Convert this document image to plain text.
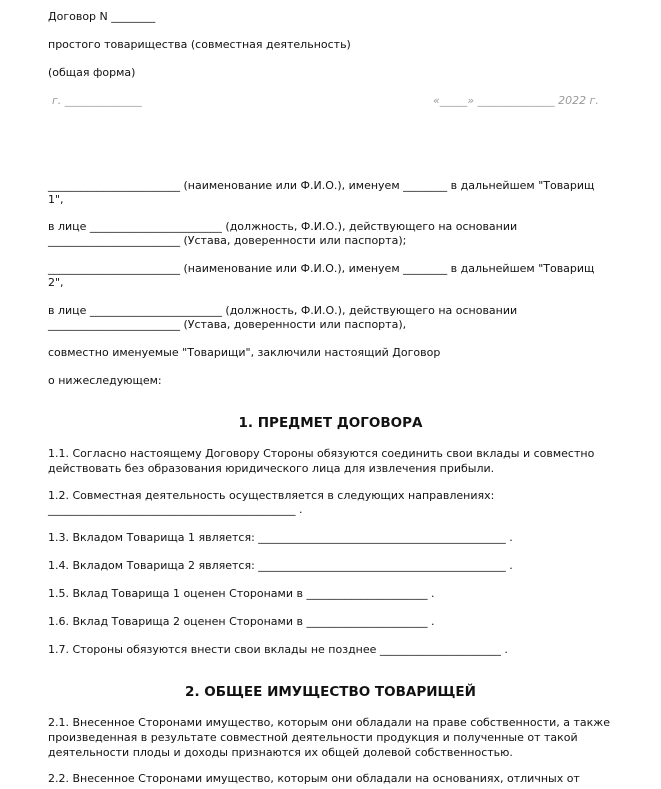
Договор N ________
простого товарищества (совместная деятельность)
(общая форма)
г. ______________	«_____» ______________ 2022 г.
________________________ (наименование или Ф.И.О.), именуем ________ в дальнейшем "Товарищ
1",
в лице ________________________ (должность, Ф.И.О.), действующего на основании
________________________ (Устава, доверенности или паспорта);
________________________ (наименование или Ф.И.О.), именуем ________ в дальнейшем "Товарищ
2",
в лице ________________________ (должность, Ф.И.О.), действующего на основании
________________________ (Устава, доверенности или паспорта),
совместно именуемые "Товарищи", заключили настоящий Договор
о нижеследующем:
1. ПРЕДМЕТ ДОГОВОРА
1.1. Согласно настоящему Договору Стороны обязуются соединить свои вклады и совместно действовать без образования юридического лица для извлечения прибыли.
1.2. Совместная деятельность осуществляется в следующих направлениях:
_____________________________________________ .
1.3. Вкладом Товарища 1 является: _____________________________________________ .
1.4. Вкладом Товарища 2 является: _____________________________________________ .
1.5. Вклад Товарища 1 оценен Сторонами в ______________________ .
1.6. Вклад Товарища 2 оценен Сторонами в ______________________ .
1.7. Стороны обязуются внести свои вклады не позднее ______________________ .
2. ОБЩЕЕ ИМУЩЕСТВО ТОВАРИЩЕЙ
2.1. Внесенное Сторонами имущество, которым они обладали на праве собственности, а также произведенная в результате совместной деятельности продукция и полученные от такой деятельности плоды и доходы признаются их общей долевой собственностью.
2.2. Внесенное Сторонами имущество, которым они обладали на основаниях, отличных от
